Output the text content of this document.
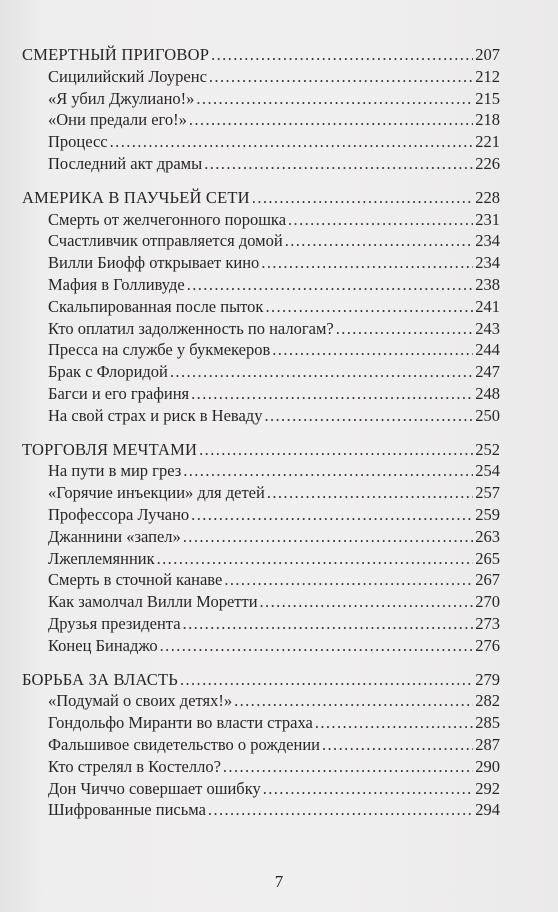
СМЕРТНЫЙ ПРИГОВОР .....	207
Сицилийский Лоуренс .....	212
«Я убил Джулиано!» .....	215
«Они предали его!» .....	218
Процесс .....	221
Последний акт драмы .....	226
АМЕРИКА В ПАУЧЬЕЙ СЕТИ .....	228
Смерть от желчегонного порошка .....	231
Счастливчик отправляется домой .....	234
Вилли Биофф открывает кино .....	234
Мафия в Голливуде .....	238
Скальпированная после пыток .....	241
Кто оплатил задолженность по налогам? .....	243
Пресса на службе у букмекеров .....	244
Брак с Флоридой .....	247
Багси и его графиня .....	248
На свой страх и риск в Неваду .....	250
ТОРГОВЛЯ МЕЧТАМИ .....	252
На пути в мир грез .....	254
«Горячие инъекции» для детей .....	257
Профессора Лучано .....	259
Джаннини «запел» .....	263
Лжеплемянник .....	265
Смерть в сточной канаве .....	267
Как замолчал Вилли Моретти .....	270
Друзья президента .....	273
Конец Бинаджо .....	276
БОРЬБА ЗА ВЛАСТЬ .....	279
«Подумай о своих детях!» .....	282
Гондольфо Миранти во власти страха .....	285
Фальшивое свидетельство о рождении .....	287
Кто стрелял в Костелло? .....	290
Дон Чиччо совершает ошибку .....	292
Шифрованные письма .....	294
7
